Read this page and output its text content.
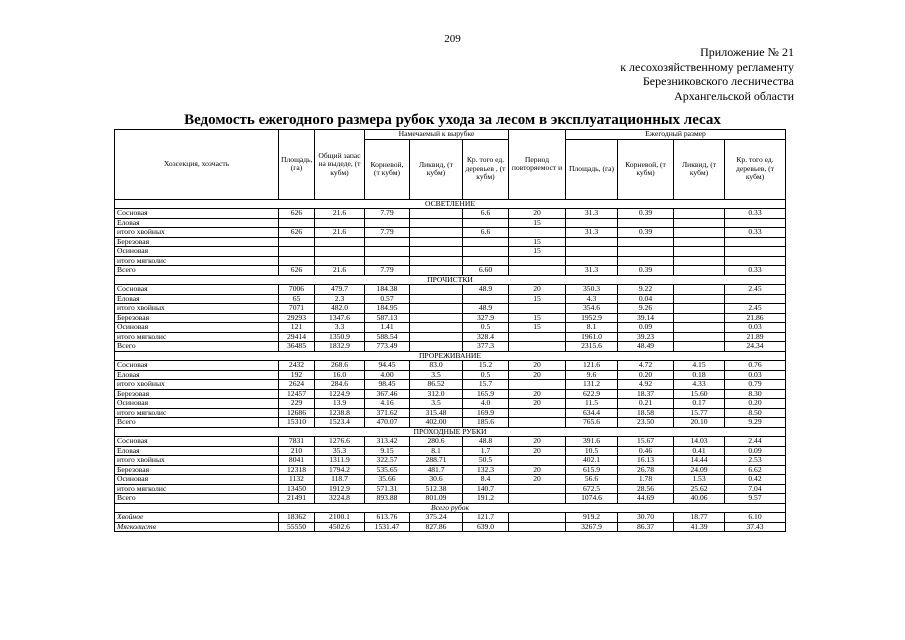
209
Приложение № 21
к лесохозяйственному регламенту
Березниковского лесничества
Архангельской области
Ведомость ежегодного размера рубок ухода за лесом в эксплуатационных лесах
Хозсекция, хозчасть	Площадь, (га)	Общий запас на выдеде, (т кубм)	Намечаемый к вырубке			Период повторяемост и	Ежегодный размер			
			Корневой, (т кубм)	Ликвид, (т кубм)	Кр. того ед. деревьев , (т кубм)		Площадь, (га)	Корневой, (т кубм)	Ликвид, (т кубм)	Кр. того ед. деревьев, (т кубм)
ОСВЕТЛЕНИЕ										
Сосновая	626	21.6	7.79		6.6	20	31.3	0.39		0.33
Еловая						15				
итого хвойных	626	21.6	7.79		6.6		31.3	0.39		0.33
Березовая						15				
Осиновая						15				
итого мягколис										
Всего	626	21.6	7.79		6.60		31.3	0.39		0.33
ПРОЧИСТКИ										
Сосновая	7006	479.7	184.38		48.9	20	350.3	9.22		2.45
Еловая	65	2.3	0.57			15	4.3	0.04		
итого хвойных	7071	482.0	184.95		48.9		354.6	9.26		2.45
Березовая	29293	1347.6	587.13		327.9	15	1952.9	39.14		21.86
Осиновая	121	3.3	1.41		0.5	15	8.1	0.09		0.03
итого мягколис	29414	1350.9	588.54		328.4		1961.0	39.23		21.89
Всего	36485	1832.9	773.49		377.3		2315.6	48.49		24.34
ПРОРЕЖИВАНИЕ										
Сосновая	2432	268.6	94.45	83.0	15.2	20	121.6	4.72	4.15	0.76
Еловая	192	16.0	4.00	3.5	0.5	20	9.6	0.20	0.18	0.03
итого хвойных	2624	284.6	98.45	86.52	15.7		131.2	4.92	4.33	0.79
Березовая	12457	1224.9	367.46	312.0	165.9	20	622.9	18.37	15.60	8.30
Осиновая	229	13.9	4.16	3.5	4.0	20	11.5	0.21	0.17	0.20
итого мягколис	12686	1238.8	371.62	315.48	169.9		634.4	18.58	15.77	8.50
Всего	15310	1523.4	470.07	402.00	185.6		765.6	23.50	20.10	9.29
ПРОХОДНЫЕ РУБКИ										
Сосновая	7831	1276.6	313.42	280.6	48.8	20	391.6	15.67	14.03	2.44
Еловая	210	35.3	9.15	8.1	1.7	20	10.5	0.46	0.41	0.09
итого хвойных	8041	1311.9	322.57	288.71	50.5		402.1	16.13	14.44	2.53
Березовая	12318	1794.2	535.65	481.7	132.3	20	615.9	26.78	24.09	6.62
Осиновая	1132	118.7	35.66	30.6	8.4	20	56.6	1.78	1.53	0.42
итого мягколис	13450	1912.9	571.31	512.38	140.7		672.5	28.56	25.62	7.04
Всего	21491	3224.8	893.88	801.09	191.2		1074.6	44.69	40.06	9.57
Всего рубок										
Хвойное	18362	2100.1	613.76	375.24	121.7		919.2	30.70	18.77	6.10
Мягколиств	55550	4502.6	1531.47	827.86	639.0		3267.9	86.37	41.39	37.43
